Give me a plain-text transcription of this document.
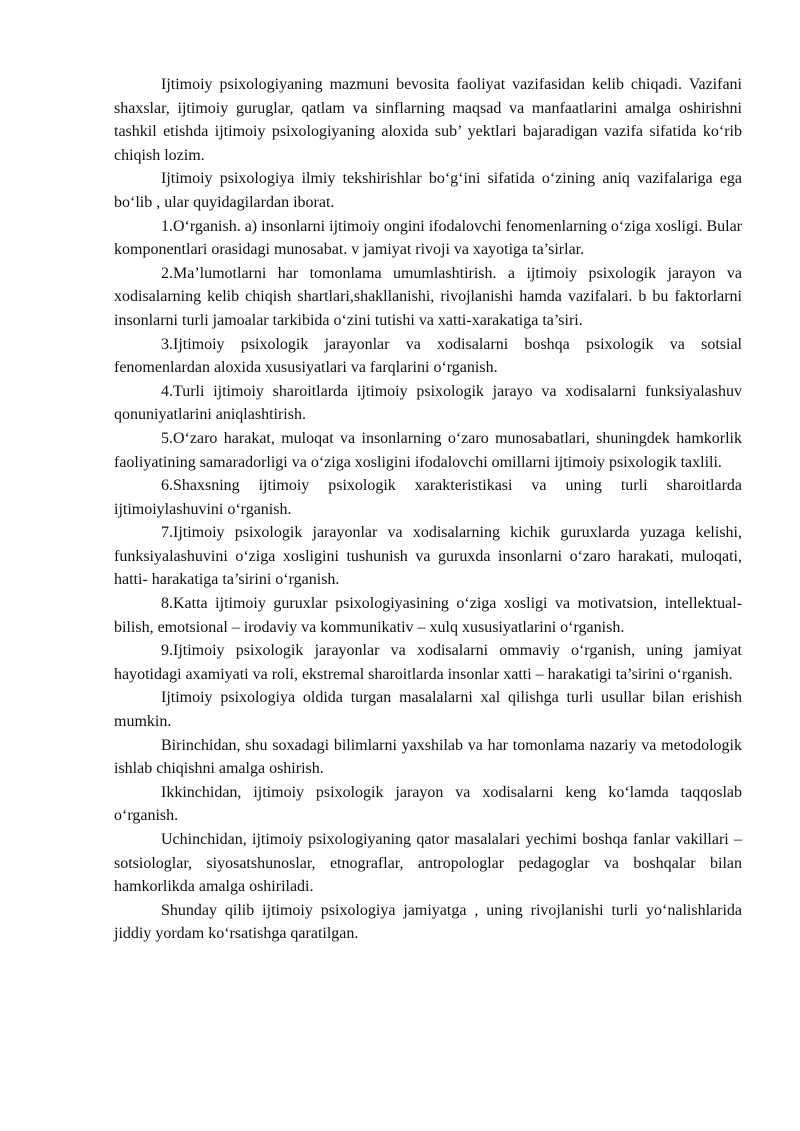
Ijtimoiy psixologiyaning mazmuni bevosita faoliyat vazifasidan kelib chiqadi. Vazifani shaxslar, ijtimoiy guruglar, qatlam va sinflarning maqsad va manfaatlarini amalga oshirishni tashkil etishda ijtimoiy psixologiyaning aloxida sub’ yektlari bajaradigan vazifa sifatida ko‘rib chiqish lozim.

Ijtimoiy psixologiya ilmiy tekshirishlar bo‘g‘ini sifatida o‘zining aniq vazifalariga ega bo‘lib , ular quyidagilardan iborat.

1.O‘rganish. a) insonlarni ijtimoiy ongini ifodalovchi fenomenlarning o‘ziga xosligi. Bular komponentlari orasidagi munosabat. v jamiyat rivoji va xayotiga ta’sirlar.

2.Ma’lumotlarni har tomonlama umumlashtirish. a ijtimoiy psixologik jarayon va xodisalarning kelib chiqish shartlari,shakllanishi, rivojlanishi hamda vazifalari. b bu faktorlarni insonlarni turli jamoalar tarkibida o‘zini tutishi va xatti-xarakatiga ta’siri.

3.Ijtimoiy psixologik jarayonlar va xodisalarni boshqa psixologik va sotsial fenomenlardan aloxida xususiyatlari va farqlarini o‘rganish.

4.Turli ijtimoiy sharoitlarda ijtimoiy psixologik jarayo va xodisalarni funksiyalashuv qonuniyatlarini aniqlashtirish.

5.O‘zaro harakat, muloqat va insonlarning o‘zaro munosabatlari, shuningdek hamkorlik faoliyatining samaradorligi va o‘ziga xosligini ifodalovchi omillarni ijtimoiy psixologik taxlili.

6.Shaxsning ijtimoiy psixologik xarakteristikasi va uning turli sharoitlarda ijtimoiylashuvini o‘rganish.

7.Ijtimoiy psixologik jarayonlar va xodisalarning kichik guruxlarda yuzaga kelishi, funksiyalashuvini o‘ziga xosligini tushunish va guruxda insonlarni o‘zaro harakati, muloqati, hatti- harakatiga ta’sirini o‘rganish.

8.Katta ijtimoiy guruxlar psixologiyasining o‘ziga xosligi va motivatsion, intellektual- bilish, emotsional – irodaviy va kommunikativ – xulq xususiyatlarini o‘rganish.

9.Ijtimoiy psixologik jarayonlar va xodisalarni ommaviy o‘rganish, uning jamiyat hayotidagi axamiyati va roli, ekstremal sharoitlarda insonlar xatti – harakatigi ta’sirini o‘rganish.

Ijtimoiy psixologiya oldida turgan masalalarni xal qilishga turli usullar bilan erishish mumkin.

Birinchidan, shu soxadagi bilimlarni yaxshilab va har tomonlama nazariy va metodologik ishlab chiqishni amalga oshirish.

Ikkinchidan, ijtimoiy psixologik jarayon va xodisalarni keng ko‘lamda taqqoslab o‘rganish.

Uchinchidan, ijtimoiy psixologiyaning qator masalalari yechimi boshqa fanlar vakillari – sotsiologlar, siyosatshunoslar, etnograflar, antropologlar pedagoglar va boshqalar bilan hamkorlikda amalga oshiriladi.

Shunday qilib ijtimoiy psixologiya jamiyatga , uning rivojlanishi turli yo‘nalishlarida jiddiy yordam ko‘rsatishga qaratilgan.
